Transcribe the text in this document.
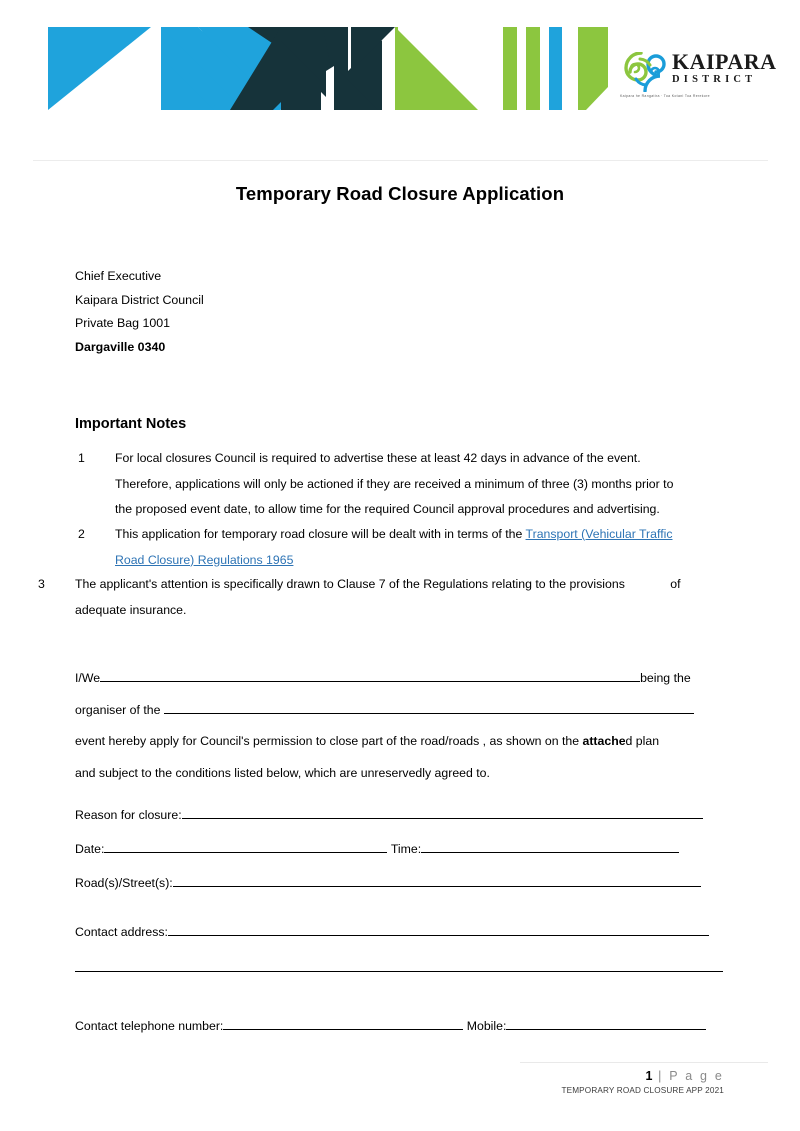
KAIPARA
DISTRICT
Kaipara he Rangatira · Toa Kotani Toa Rerekore
Temporary Road Closure Application
Chief Executive
Kaipara District Council
Private Bag 1001
Dargaville 0340
Important Notes
1 For local closures Council is required to advertise these at least 42 days in advance of the event.

Therefore, applications will only be actioned if they are received a minimum of three (3) months prior to

the proposed event date, to allow time for the required Council approval procedures and advertising.

2 This application for temporary road closure will be dealt with in terms of the Transport (Vehicular Traffic
Road Closure) Regulations 1965
3 The applicant's attention is specifically drawn to Clause 7 of the Regulations relating to the provisions	of
adequate insurance.
I/We	being the
organiser of the
event hereby apply for Council's permission to close part of the road/roads , as shown on the attached plan
and subject to the conditions listed below, which are unreservedly agreed to.
Reason for closure:
Date:	Time:
Road(s)/Street(s):
Contact address:
Contact telephone number:	Mobile:
1 | P a g e
TEMPORARY ROAD CLOSURE APP 2021
